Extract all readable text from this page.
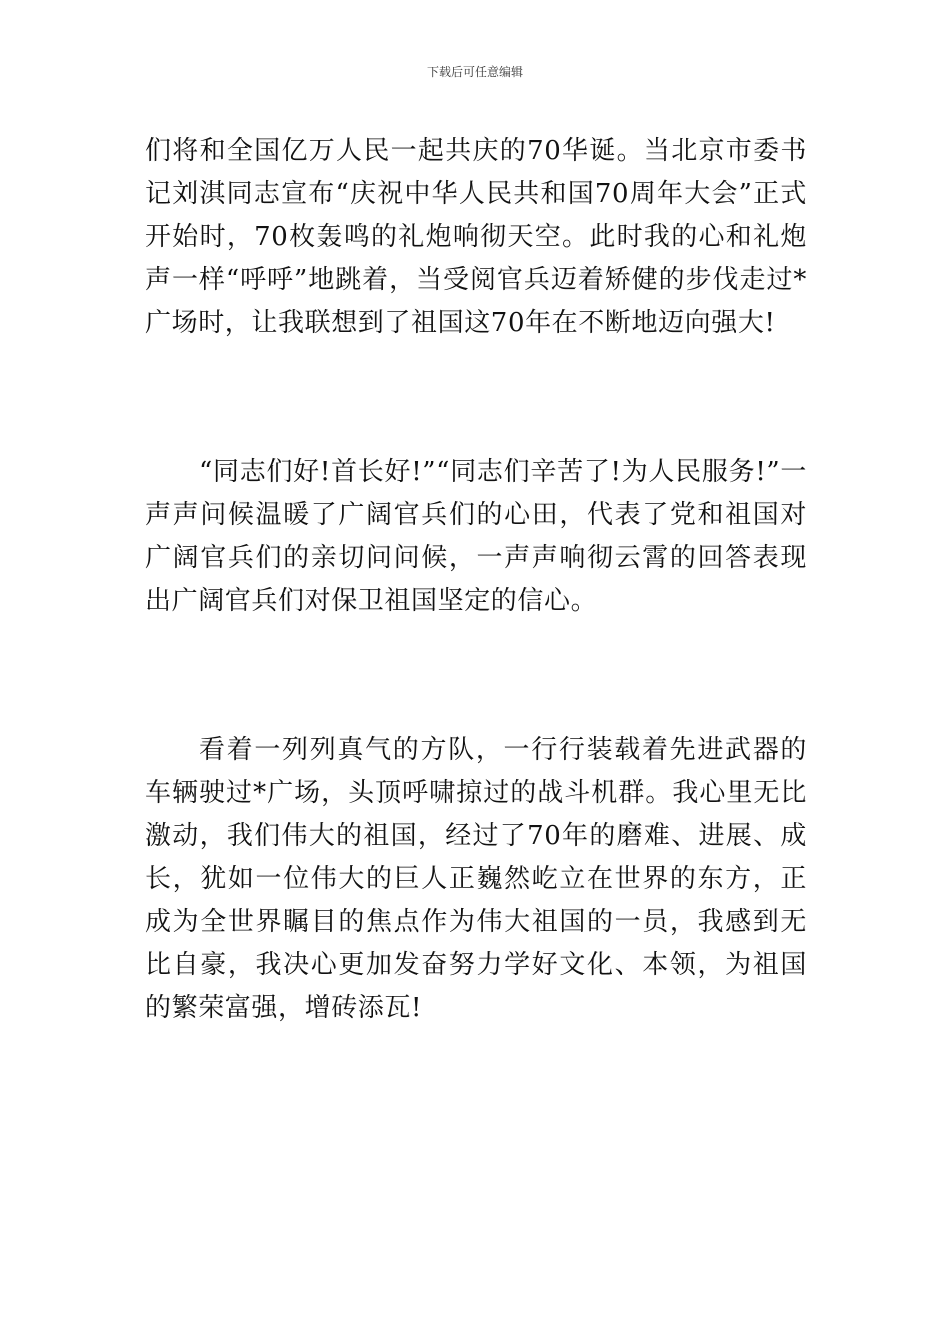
下载后可任意编辑

们将和全国亿万人民一起共庆的70华诞。当北京市委书记刘淇同志宣布“庆祝中华人民共和国70周年大会”正式开始时，70枚轰鸣的礼炮响彻天空。此时我的心和礼炮声一样“呼呼”地跳着，当受阅官兵迈着矫健的步伐走过*广场时，让我联想到了祖国这70年在不断地迈向强大!

“同志们好!首长好!”“同志们辛苦了!为人民服务!”一声声问候温暖了广阔官兵们的心田，代表了党和祖国对广阔官兵们的亲切问问候，一声声响彻云霄的回答表现出广阔官兵们对保卫祖国坚定的信心。

看着一列列真气的方队，一行行装载着先进武器的车辆驶过*广场，头顶呼啸掠过的战斗机群。我心里无比激动，我们伟大的祖国，经过了70年的磨难、进展、成长，犹如一位伟大的巨人正巍然屹立在世界的东方，正成为全世界瞩目的焦点作为伟大祖国的一员，我感到无比自豪，我决心更加发奋努力学好文化、本领，为祖国的繁荣富强，增砖添瓦!
